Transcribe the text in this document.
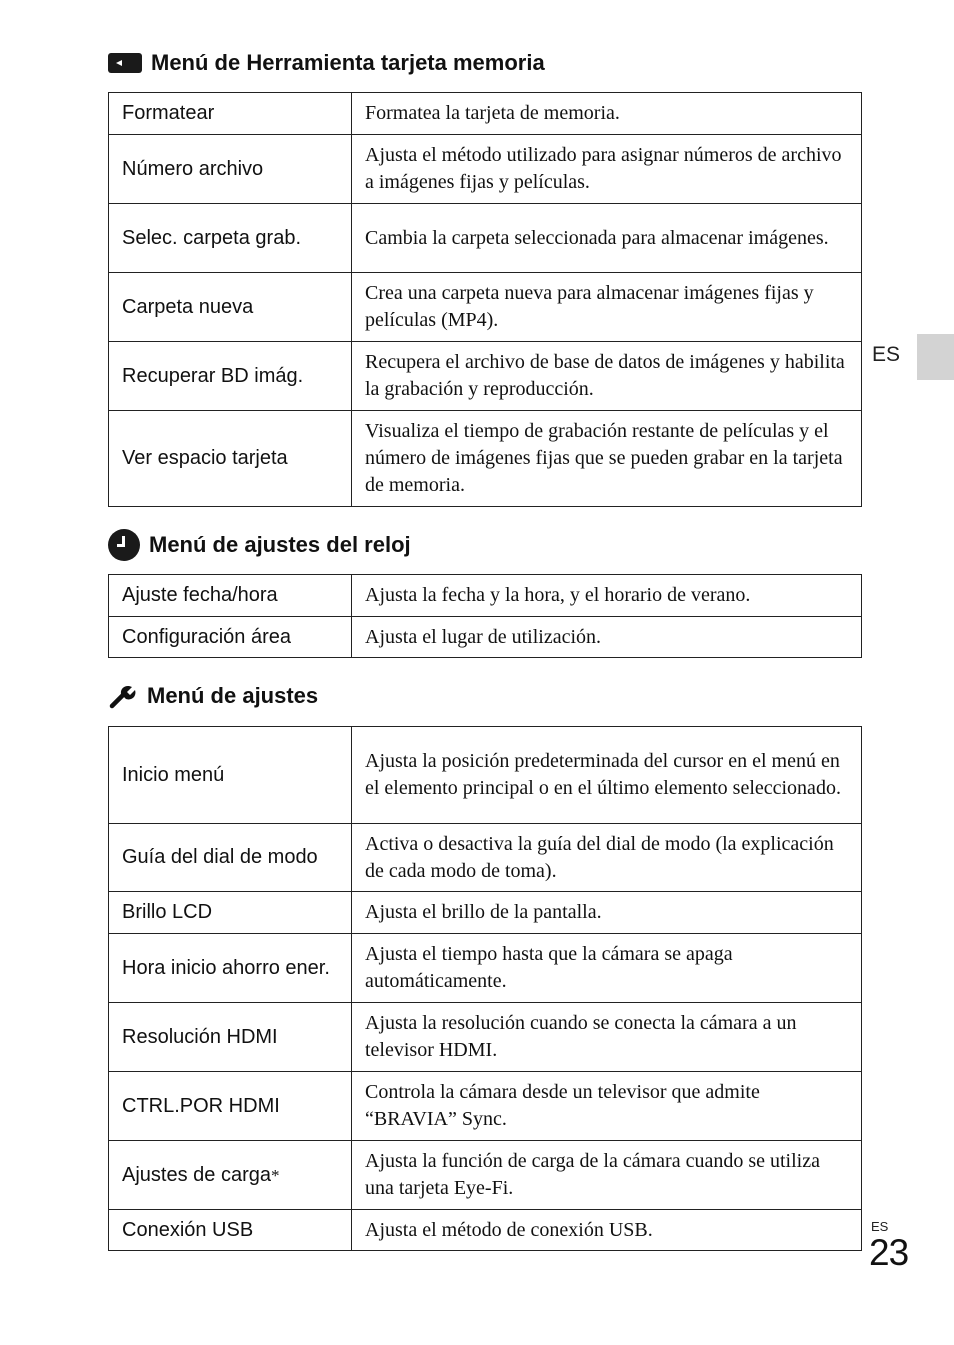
Menú de Herramienta tarjeta memoria
Formatear	Formatea la tarjeta de memoria.
Número archivo	Ajusta el método utilizado para asignar números de archivo a imágenes fijas y películas.
Selec. carpeta grab.	Cambia la carpeta seleccionada para almacenar imágenes.
Carpeta nueva	Crea una carpeta nueva para almacenar imágenes fijas y películas (MP4).
Recuperar BD imág.	Recupera el archivo de base de datos de imágenes y habilita la grabación y reproducción.
Ver espacio tarjeta	Visualiza el tiempo de grabación restante de películas y el número de imágenes fijas que se pueden grabar en la tarjeta de memoria.
Menú de ajustes del reloj
Ajuste fecha/hora	Ajusta la fecha y la hora, y el horario de verano.
Configuración área	Ajusta el lugar de utilización.
Menú de ajustes
Inicio menú	Ajusta la posición predeterminada del cursor en el menú en el elemento principal o en el último elemento seleccionado.
Guía del dial de modo	Activa o desactiva la guía del dial de modo (la explicación de cada modo de toma).
Brillo LCD	Ajusta el brillo de la pantalla.
Hora inicio ahorro ener.	Ajusta el tiempo hasta que la cámara se apaga automáticamente.
Resolución HDMI	Ajusta la resolución cuando se conecta la cámara a un televisor HDMI.
CTRL.POR HDMI	Controla la cámara desde un televisor que admite “BRAVIA” Sync.
Ajustes de carga*	Ajusta la función de carga de la cámara cuando se utiliza una tarjeta Eye-Fi.
Conexión USB	Ajusta el método de conexión USB.
ES
ES
23
